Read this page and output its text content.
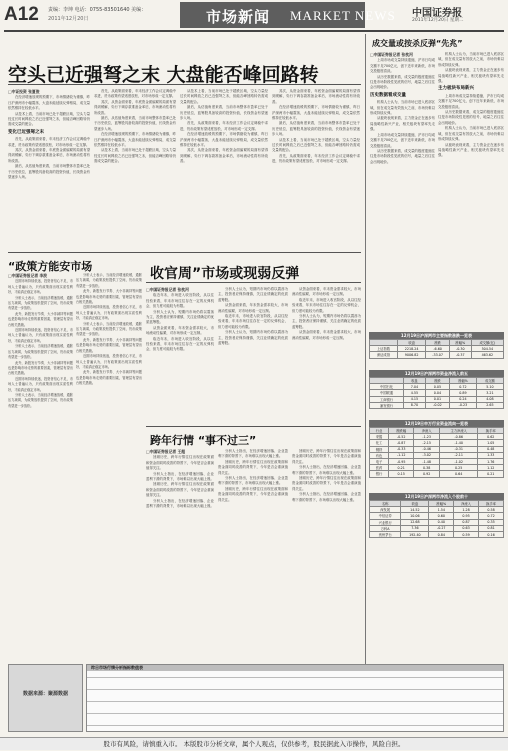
A12 责编：李坤 电话：0755-83501640 美编：
2011年12月20日	市场新闻 MARKET NEWS 中国证券报
2011年12月20日 星期二
空头已近强弩之末 大盘能否峰回路转
□中证投资 张夏俊

在经济增速放缓的预期下，市场情绪较为谨慎，昨日沪深两市小幅震荡，大盘未能延续反弹格局，成交量依然维持在较低水平。

从技术上看，当前市场已处于超跌区域，空头力量经过长时间释放之后已近强弩之末，但能否峰回路转仍需成交量的配合。

变化已近强弩之末

首先，从政策面来看，年末经济工作会议定调稳中求进，货币政策有望适度放松，对市场形成一定支撑。

其次，从资金面来看，年底资金面偏紧的局面有望得到缓解，央行下调存款准备金率后，市场流动性将有所改善。

最后，从估值角度来看，当前市场整体市盈率已处于历史低位，蓝筹股具备较高的投资价值，长线资金有望逐步入场。

首先，从政策面来看，年末经济工作会议定调稳中求进，货币政策有望适度放松，对市场形成一定支撑。

其次，从资金面来看，年底资金面偏紧的局面有望得到缓解，央行下调存款准备金率后，市场流动性将有所改善。

最后，从估值角度来看，当前市场整体市盈率已处于历史低位，蓝筹股具备较高的投资价值，长线资金有望逐步入场。

在经济增速放缓的预期下，市场情绪较为谨慎，昨日沪深两市小幅震荡，大盘未能延续反弹格局，成交量依然维持在较低水平。

从技术上看，当前市场已处于超跌区域，空头力量经过长时间释放之后已近强弩之末，但能否峰回路转仍需成交量的配合。

从技术上看，当前市场已处于超跌区域，空头力量经过长时间释放之后已近强弩之末，但能否峰回路转仍需成交量的配合。

最后，从估值角度来看，当前市场整体市盈率已处于历史低位，蓝筹股具备较高的投资价值，长线资金有望逐步入场。

首先，从政策面来看，年末经济工作会议定调稳中求进，货币政策有望适度放松，对市场形成一定支撑。

在经济增速放缓的预期下，市场情绪较为谨慎，昨日沪深两市小幅震荡，大盘未能延续反弹格局，成交量依然维持在较低水平。

其次，从资金面来看，年底资金面偏紧的局面有望得到缓解，央行下调存款准备金率后，市场流动性将有所改善。

其次，从资金面来看，年底资金面偏紧的局面有望得到缓解，央行下调存款准备金率后，市场流动性将有所改善。

在经济增速放缓的预期下，市场情绪较为谨慎，昨日沪深两市小幅震荡，大盘未能延续反弹格局，成交量依然维持在较低水平。

最后，从估值角度来看，当前市场整体市盈率已处于历史低位，蓝筹股具备较高的投资价值，长线资金有望逐步入场。

从技术上看，当前市场已处于超跌区域，空头力量经过长时间释放之后已近强弩之末，但能否峰回路转仍需成交量的配合。

首先，从政策面来看，年末经济工作会议定调稳中求进，货币政策有望适度放松，对市场形成一定支撑。

“政策方能安市场
□中国证券报记者 李波

近期市场持续低迷，投资者信心不足，市场人士普遍认为，只有政策面出现实质性利好，才能真正稳定市场。

分析人士表示，当前经济增速放缓，通胀压力减弱，为政策放松提供了空间，货币政策有望进一步放松。

此外，新股发行节奏、大小非减持等问题也是影响市场走势的重要因素，管理层有望出台相关措施。

近期市场持续低迷，投资者信心不足，市场人士普遍认为，只有政策面出现实质性利好，才能真正稳定市场。

分析人士表示，当前经济增速放缓，通胀压力减弱，为政策放松提供了空间，货币政策有望进一步放松。

此外，新股发行节奏、大小非减持等问题也是影响市场走势的重要因素，管理层有望出台相关措施。

近期市场持续低迷，投资者信心不足，市场人士普遍认为，只有政策面出现实质性利好，才能真正稳定市场。

分析人士表示，当前经济增速放缓，通胀压力减弱，为政策放松提供了空间，货币政策有望进一步放松。

分析人士表示，当前经济增速放缓，通胀压力减弱，为政策放松提供了空间，货币政策有望进一步放松。

此外，新股发行节奏、大小非减持等问题也是影响市场走势的重要因素，管理层有望出台相关措施。

近期市场持续低迷，投资者信心不足，市场人士普遍认为，只有政策面出现实质性利好，才能真正稳定市场。

分析人士表示，当前经济增速放缓，通胀压力减弱，为政策放松提供了空间，货币政策有望进一步放松。

此外，新股发行节奏、大小非减持等问题也是影响市场走势的重要因素，管理层有望出台相关措施。

近期市场持续低迷，投资者信心不足，市场人士普遍认为，只有政策面出现实质性利好，才能真正稳定市场。

此外，新股发行节奏、大小非减持等问题也是影响市场走势的重要因素，管理层有望出台相关措施。

收官周”市场或现弱反弹
□中国证券报记者 张枕河

临近年末，市场进入收官阶段，从以往经验来看，年末市场往往存在一定的反弹机会，但力度可能较为有限。

分析人士认为，短期内市场仍将以震荡为主，投资者应保持谨慎，关注业绩确定的优质蓝筹股。

从资金面来看，年末资金需求较大，市场流动性偏紧，对市场形成一定压制。

临近年末，市场进入收官阶段，从以往经验来看，年末市场往往存在一定的反弹机会，但力度可能较为有限。

分析人士认为，短期内市场仍将以震荡为主，投资者应保持谨慎，关注业绩确定的优质蓝筹股。

从资金面来看，年末资金需求较大，市场流动性偏紧，对市场形成一定压制。

临近年末，市场进入收官阶段，从以往经验来看，年末市场往往存在一定的反弹机会，但力度可能较为有限。

分析人士认为，短期内市场仍将以震荡为主，投资者应保持谨慎，关注业绩确定的优质蓝筹股。

从资金面来看，年末资金需求较大，市场流动性偏紧，对市场形成一定压制。

临近年末，市场进入收官阶段，从以往经验来看，年末市场往往存在一定的反弹机会，但力度可能较为有限。

分析人士认为，短期内市场仍将以震荡为主，投资者应保持谨慎，关注业绩确定的优质蓝筹股。

从资金面来看，年末资金需求较大，市场流动性偏紧，对市场形成一定压制。

跨年行情 “事不过三”
□中国证券报记者 王超

回顾历史，跨年行情往往出现在政策面和资金面同时改善的背景下，今年是否会重演值得关注。

分析人士指出，在经济增速回落、企业盈利下滑的背景下，市场难以出现大幅上涨。

回顾历史，跨年行情往往出现在政策面和资金面同时改善的背景下，今年是否会重演值得关注。

分析人士指出，在经济增速回落、企业盈利下滑的背景下，市场难以出现大幅上涨。

分析人士指出，在经济增速回落、企业盈利下滑的背景下，市场难以出现大幅上涨。

回顾历史，跨年行情往往出现在政策面和资金面同时改善的背景下，今年是否会重演值得关注。

分析人士指出，在经济增速回落、企业盈利下滑的背景下，市场难以出现大幅上涨。

回顾历史，跨年行情往往出现在政策面和资金面同时改善的背景下，今年是否会重演值得关注。

回顾历史，跨年行情往往出现在政策面和资金面同时改善的背景下，今年是否会重演值得关注。

分析人士指出，在经济增速回落、企业盈利下滑的背景下，市场难以出现大幅上涨。

回顾历史，跨年行情往往出现在政策面和资金面同时改善的背景下，今年是否会重演值得关注。

分析人士指出，在经济增速回落、企业盈利下滑的背景下，市场难以出现大幅上涨。

成交量或按杀反弹“先兆”
□中国证券报记者 张枕河

上周市场成交量持续萎缩，沪市日均成交额不足700亿元，创下近年来新低，市场交投极度清淡。

从历史数据来看，成交量的极度萎缩往往是市场阶段性见底的信号，地量之后往往会出现地价。

历史数据看成交量

机构人士认为，当前市场已进入底部区域，但在成交量有效放大之前，市场仍难以形成持续反弹。

从板块表现来看，主力资金正在逐步布局战略性新兴产业，相关板块有望率先走强。

上周市场成交量持续萎缩，沪市日均成交额不足700亿元，创下近年来新低，市场交投极度清淡。

从历史数据来看，成交量的极度萎缩往往是市场阶段性见底的信号，地量之后往往会出现地价。

机构人士认为，当前市场已进入底部区域，但在成交量有效放大之前，市场仍难以形成持续反弹。

从板块表现来看，主力资金正在逐步布局战略性新兴产业，相关板块有望率先走强。

主力板块布局新兴

上周市场成交量持续萎缩，沪市日均成交额不足700亿元，创下近年来新低，市场交投极度清淡。

从历史数据来看，成交量的极度萎缩往往是市场阶段性见底的信号，地量之后往往会出现地价。

机构人士认为，当前市场已进入底部区域，但在成交量有效放大之前，市场仍难以形成持续反弹。

从板块表现来看，主力资金正在逐步布局战略性新兴产业，相关板块有望率先走强。

12月19日沪深两市主要指数涨跌一览表
	收盘	涨跌	涨幅%	成交额(亿)
上证指数	2218.24	-6.60	-0.30	504.54
深证成指	9006.82	-33.07	-0.37	463.62
12月19日沪深两市资金净流入前五
	收盘	涨跌	涨幅%	成交额
中国石化	7.04	0.05	0.72	5.10
中国联通	4.55	0.04	0.89	3.21
工商银行	4.15	0.01	0.24	4.08
浦发银行	8.70	-0.02	-0.23	2.65
12月19日申万行业资金流向一览表
行业	涨跌幅	净流入	主力净流入	换手率
采掘	-0.52	-1.23	-0.86	0.62
化工	-0.87	-2.15	-1.40	1.05
钢铁	-0.33	-0.46	-0.31	0.48
有色	-1.12	-3.02	-2.11	1.33
电子	-0.95	-1.48	-1.02	1.76
医药	0.21	0.38	0.25	1.12
银行	0.15	0.92	0.64	0.21
12月19日沪深两市净流入个股前十
名称	收盘	涨幅%	净流入	换手率
深发展	14.52	1.54	1.28	0.58
中信证券	10.06	0.60	0.95	0.72
兴业银行	12.68	0.40	0.87	0.35
万科A	7.36	-0.27	0.63	0.81
贵州茅台	192.40	0.84	0.59	0.16
数据来源：聚源数据
昨日市场行情分析指标数值表
股市有风险，请慎重入市。 本版股市分析文章，属个人观点，仅供参考，股民据此入市操作，风险自担。
